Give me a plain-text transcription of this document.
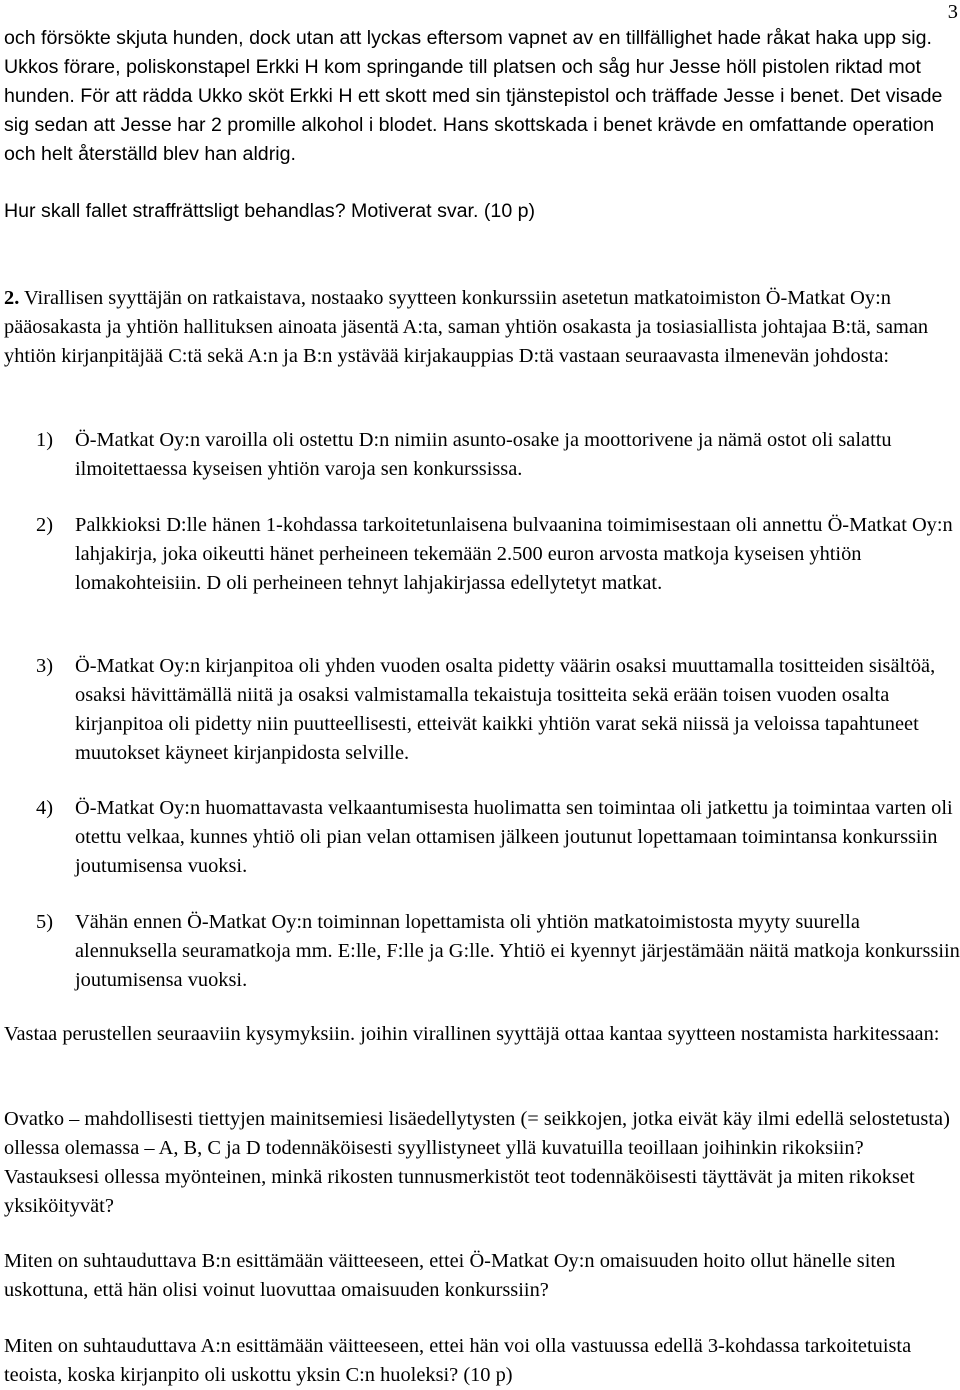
3

och försökte skjuta hunden, dock utan att lyckas eftersom vapnet av en tillfällighet hade råkat haka upp sig. Ukkos förare, poliskonstapel Erkki H kom springande till platsen och såg hur Jesse höll pistolen riktad mot hunden. För att rädda Ukko sköt Erkki H ett skott med sin tjänstepistol och träffade Jesse i benet. Det visade sig sedan att Jesse har 2 promille alkohol i blodet. Hans skottskada i benet krävde en omfattande operation och helt återställd blev han aldrig.

Hur skall fallet straffrättsligt behandlas? Motiverat svar. (10 p)

2. Virallisen syyttäjän on ratkaistava, nostaako syytteen konkurssiin asetetun matkatoimiston Ö-Matkat Oy:n pääosakasta ja yhtiön hallituksen ainoata jäsentä A:ta, saman yhtiön osakasta ja tosiasiallista johtajaa B:tä, saman yhtiön kirjanpitäjää C:tä sekä A:n ja B:n ystävää kirjakauppias D:tä vastaan seuraavasta ilmenevän johdosta:

1) Ö-Matkat Oy:n varoilla oli ostettu D:n nimiin asunto-osake ja moottorivene ja nämä ostot oli salattu ilmoitettaessa kyseisen yhtiön varoja sen konkurssissa.

2) Palkkioksi D:lle hänen 1-kohdassa tarkoitetunlaisena bulvaanina toimimisestaan oli annettu Ö-Matkat Oy:n lahjakirja, joka oikeutti hänet perheineen tekemään 2.500 euron arvosta matkoja kyseisen yhtiön lomakohteisiin. D oli perheineen tehnyt lahjakirjassa edellytetyt matkat.

3) Ö-Matkat Oy:n kirjanpitoa oli yhden vuoden osalta pidetty väärin osaksi muuttamalla tositteiden sisältöä, osaksi hävittämällä niitä ja osaksi valmistamalla tekaistuja tositteita sekä erään toisen vuoden osalta kirjanpitoa oli pidetty niin puutteellisesti, etteivät kaikki yhtiön varat sekä niissä ja veloissa tapahtuneet muutokset käyneet kirjanpidosta selville.

4) Ö-Matkat Oy:n huomattavasta velkaantumisesta huolimatta sen toimintaa oli jatkettu ja toimintaa varten oli otettu velkaa, kunnes yhtiö oli pian velan ottamisen jälkeen joutunut lopettamaan toimintansa konkurssiin joutumisensa vuoksi.

5) Vähän ennen Ö-Matkat Oy:n toiminnan lopettamista oli yhtiön matkatoimistosta myyty suurella alennuksella seuramatkoja mm. E:lle, F:lle ja G:lle. Yhtiö ei kyennyt järjestämään näitä matkoja konkurssiin joutumisensa vuoksi.

Vastaa perustellen seuraaviin kysymyksiin. joihin virallinen syyttäjä ottaa kantaa syytteen nostamista harkitessaan:

Ovatko – mahdollisesti tiettyjen mainitsemiesi lisäedellytysten (= seikkojen, jotka eivät käy ilmi edellä selostetusta) ollessa olemassa – A, B, C ja D todennäköisesti syyllistyneet yllä kuvatuilla teoillaan joihinkin rikoksiin? Vastauksesi ollessa myönteinen, minkä rikosten tunnusmerkistöt teot todennäköisesti täyttävät ja miten rikokset yksiköityvät?

Miten on suhtauduttava B:n esittämään väitteeseen, ettei Ö-Matkat Oy:n omaisuuden hoito ollut hänelle siten uskottuna, että hän olisi voinut luovuttaa omaisuuden konkurssiin?

Miten on suhtauduttava A:n esittämään väitteeseen, ettei hän voi olla vastuussa edellä 3-kohdassa tarkoitetuista teoista, koska kirjanpito oli uskottu yksin C:n huoleksi? (10 p)
